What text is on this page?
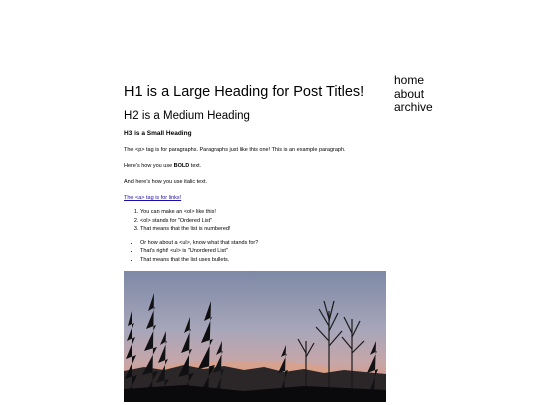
home
about
archive
H1 is a Large Heading for Post Titles!
H2 is a Medium Heading
H3 is a Small Heading

The <p> tag is for paragraphs. Paragraphs just like this one! This is an example paragraph.

Here's how you use BOLD text.

And here's how you use italic text.

The <a> tag is for links!

1. You can make an <ol> like this!
2. <ol> stands for "Ordered List"
3. That means that the list is numbered!
• Or how about a <ul>, know what that stands for?
• That's right! <ul> is "Unordered List"
• That means that the list uses bullets.
